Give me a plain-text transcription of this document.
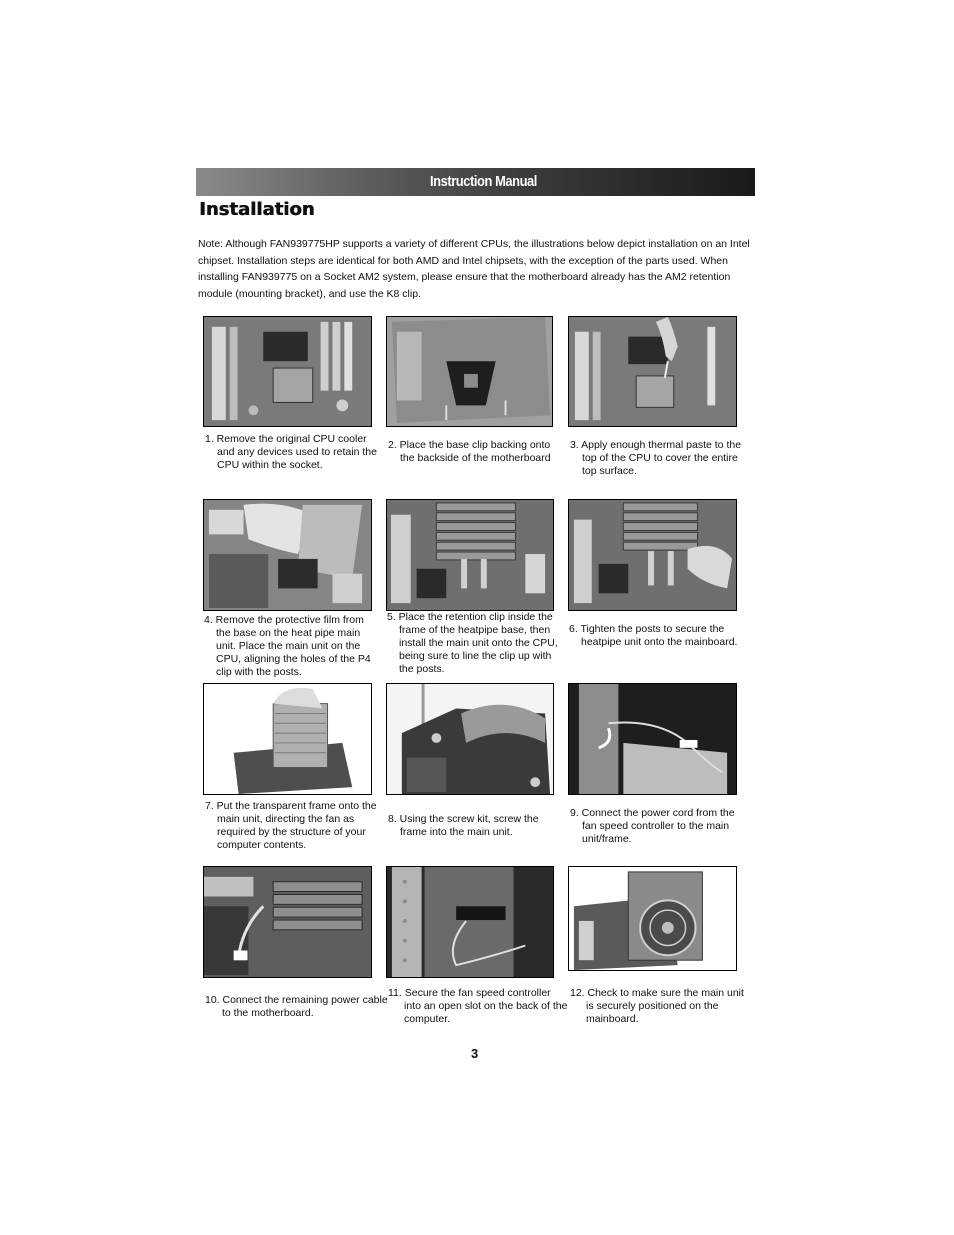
Instruction Manual
Installation

Note: Although FAN939775HP supports a variety of different CPUs, the illustrations below depict installation on an Intel chipset. Installation steps are identical for both AMD and Intel chipsets, with the exception of the parts used. When installing FAN939775 on a Socket AM2 system, please ensure that the motherboard already has the AM2 retention module (mounting bracket), and use the K8 clip.

1. Remove the original CPU cooler and any devices used to retain the CPU within the socket.
2. Place the base clip backing onto the backside of the motherboard
3. Apply enough thermal paste to the top of the CPU to cover the entire top surface.
4. Remove the protective film from the base on the heat pipe main unit. Place the main unit on the CPU, aligning the holes of the P4 clip with the posts.
5. Place the retention clip inside the frame of the heatpipe base, then install the main unit onto the CPU, being sure to line the clip up with the posts.
6. Tighten the posts to secure the heatpipe unit onto the mainboard.
7. Put the transparent frame onto the main unit, directing the fan as required by the structure of your computer contents.
8. Using the screw kit, screw the frame into the main unit.
9. Connect the power cord from the fan speed controller to the main unit/frame.
10. Connect the remaining power cable to the motherboard.
11. Secure the fan speed controller into an open slot on the back of the computer.
12. Check to make sure the main unit is securely positioned on the mainboard.
3
